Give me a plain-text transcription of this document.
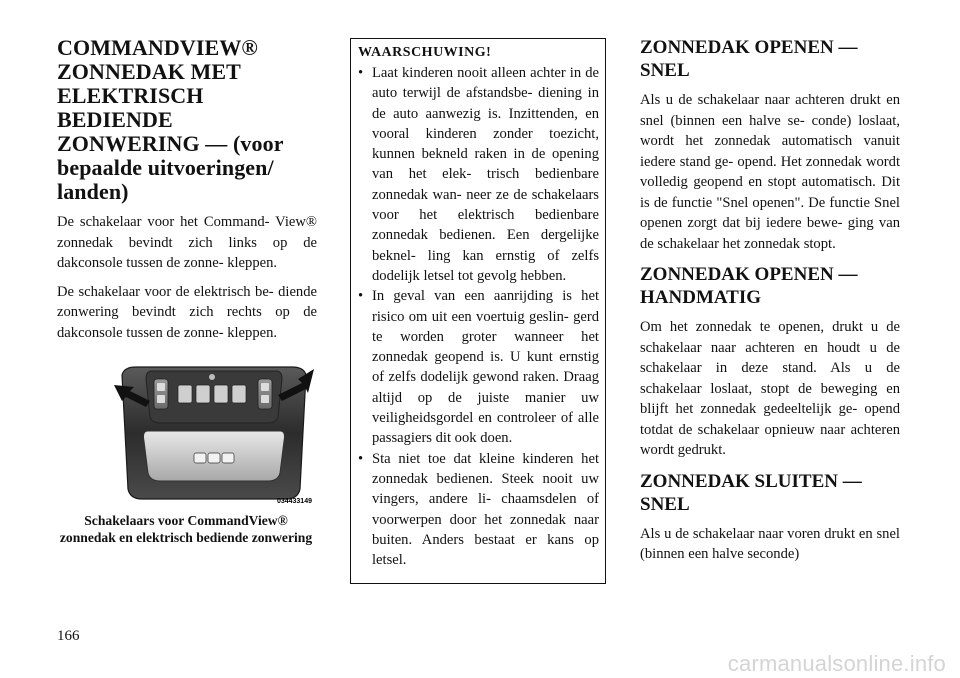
COMMANDVIEW® ZONNEDAK MET ELEKTRISCH BEDIENDE ZONWERING — (voor bepaalde uitvoeringen/ landen)

De schakelaar voor het Command- View® zonnedak bevindt zich links op de dakconsole tussen de zonne- kleppen.

De schakelaar voor de elektrisch be- diende zonwering bevindt zich rechts op de dakconsole tussen de zonne- kleppen.

034433149
Schakelaars voor CommandView® zonnedak en elektrisch bediende zonwering
WAARSCHUWING!
• Laat kinderen nooit alleen achter in de auto terwijl de afstandsbe- diening in de auto aanwezig is. Inzittenden, en vooral kinderen zonder toezicht, kunnen bekneld raken in de opening van het elek- trisch bedienbare zonnedak wan- neer ze de schakelaars voor het elektrisch bedienbare zonnedak bedienen. Een dergelijke beknel- ling kan ernstig of zelfs dodelijk letsel tot gevolg hebben.
• In geval van een aanrijding is het risico om uit een voertuig geslin- gerd te worden groter wanneer het zonnedak geopend is. U kunt ernstig of zelfs dodelijk gewond raken. Draag altijd op de juiste manier uw veiligheidsgordel en controleer of alle passagiers dit ook doen.
• Sta niet toe dat kleine kinderen het zonnedak bedienen. Steek nooit uw vingers, andere li- chaamsdelen of voorwerpen door het zonnedak naar buiten. Anders bestaat er kans op letsel.
ZONNEDAK OPENEN — SNEL

Als u de schakelaar naar achteren drukt en snel (binnen een halve se- conde) loslaat, wordt het zonnedak automatisch vanuit iedere stand ge- opend. Het zonnedak wordt volledig geopend en stopt automatisch. Dit is de functie "Snel openen". De functie Snel openen zorgt dat bij iedere bewe- ging van de schakelaar het zonnedak stopt.

ZONNEDAK OPENEN — HANDMATIG

Om het zonnedak te openen, drukt u de schakelaar naar achteren en houdt u de schakelaar in deze stand. Als u de schakelaar loslaat, stopt de beweging en blijft het zonnedak gedeeltelijk ge- opend totdat de schakelaar opnieuw naar achteren wordt gedrukt.

ZONNEDAK SLUITEN — SNEL

Als u de schakelaar naar voren drukt en snel (binnen een halve seconde)

166
carmanualsonline.info
